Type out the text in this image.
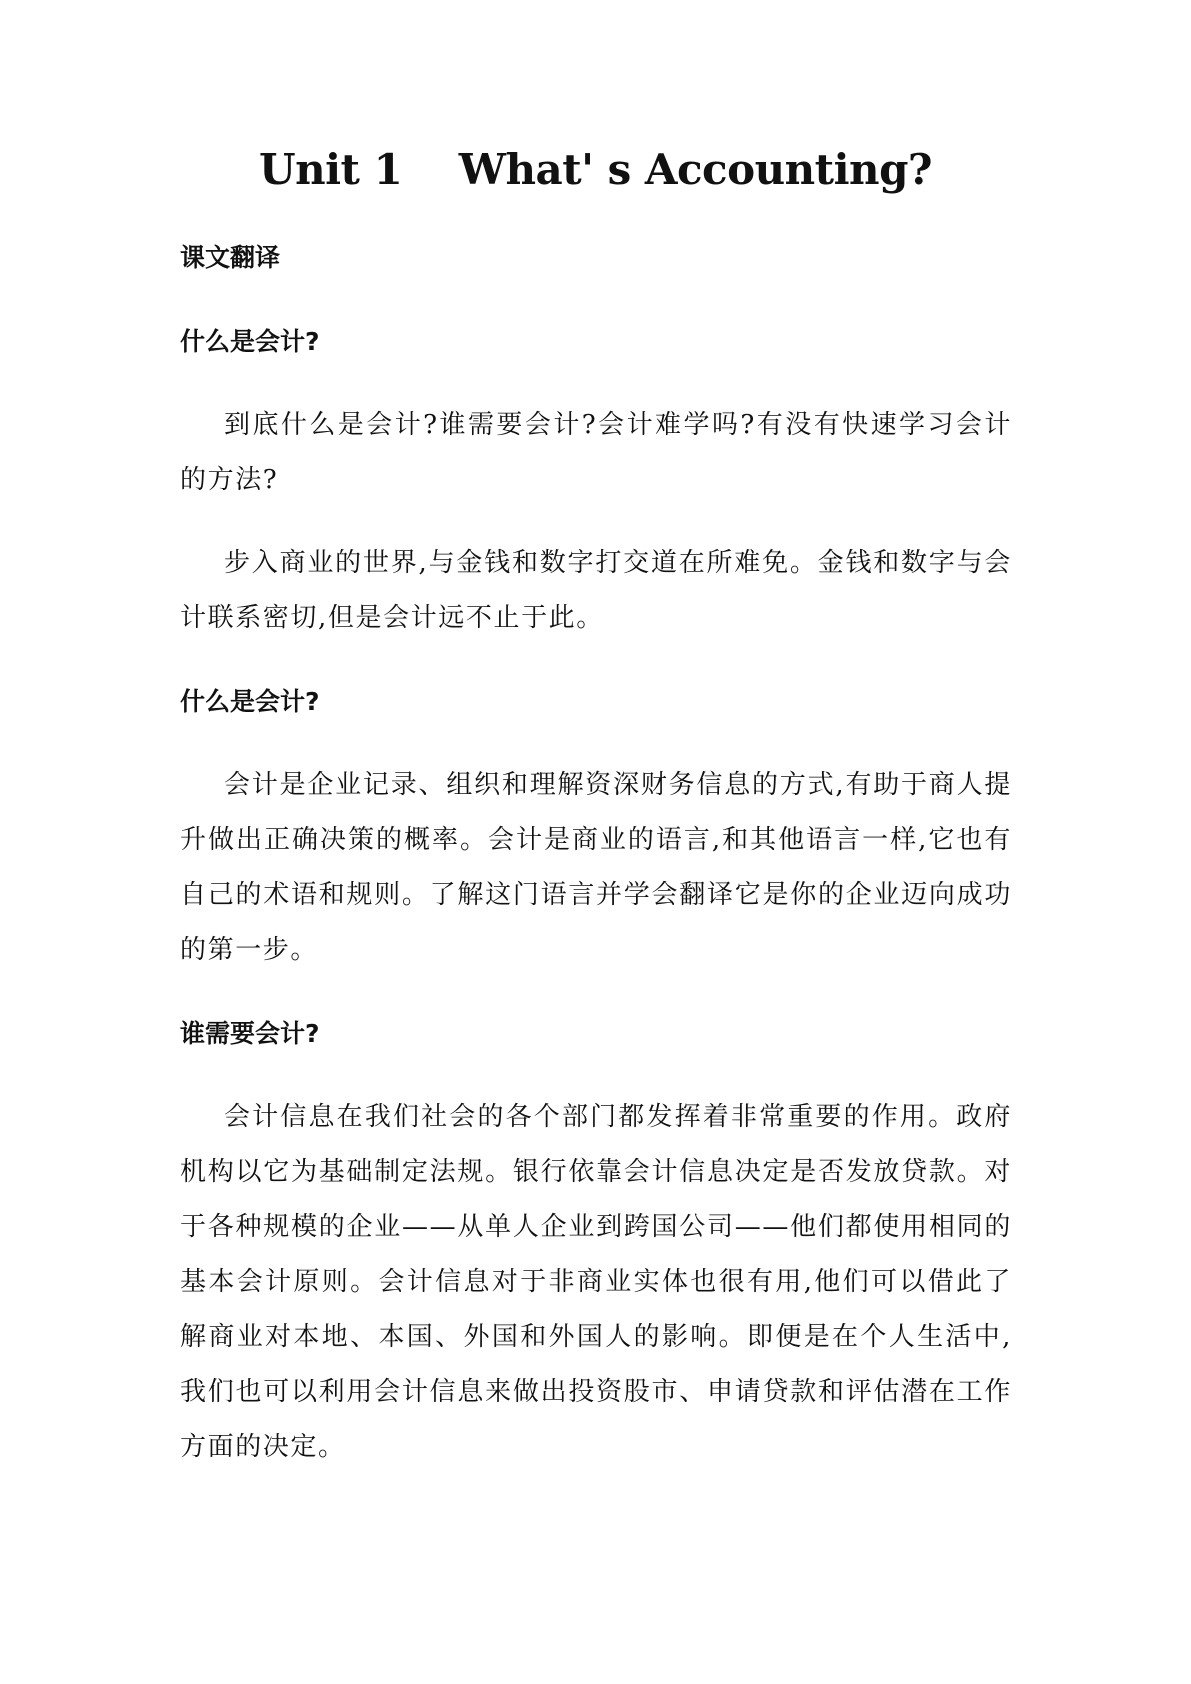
Unit 1    What' s Accounting?
课文翻译
什么是会计?

到底什么是会计?谁需要会计?会计难学吗?有没有快速学习会计的方法?

步入商业的世界,与金钱和数字打交道在所难免。金钱和数字与会计联系密切,但是会计远不止于此。

什么是会计?

会计是企业记录、组织和理解资深财务信息的方式,有助于商人提升做出正确决策的概率。会计是商业的语言,和其他语言一样,它也有自己的术语和规则。了解这门语言并学会翻译它是你的企业迈向成功的第一步。

谁需要会计?

会计信息在我们社会的各个部门都发挥着非常重要的作用。政府机构以它为基础制定法规。银行依靠会计信息决定是否发放贷款。对于各种规模的企业——从单人企业到跨国公司——他们都使用相同的基本会计原则。会计信息对于非商业实体也很有用,他们可以借此了解商业对本地、本国、外国和外国人的影响。即便是在个人生活中,我们也可以利用会计信息来做出投资股市、申请贷款和评估潜在工作方面的决定。
